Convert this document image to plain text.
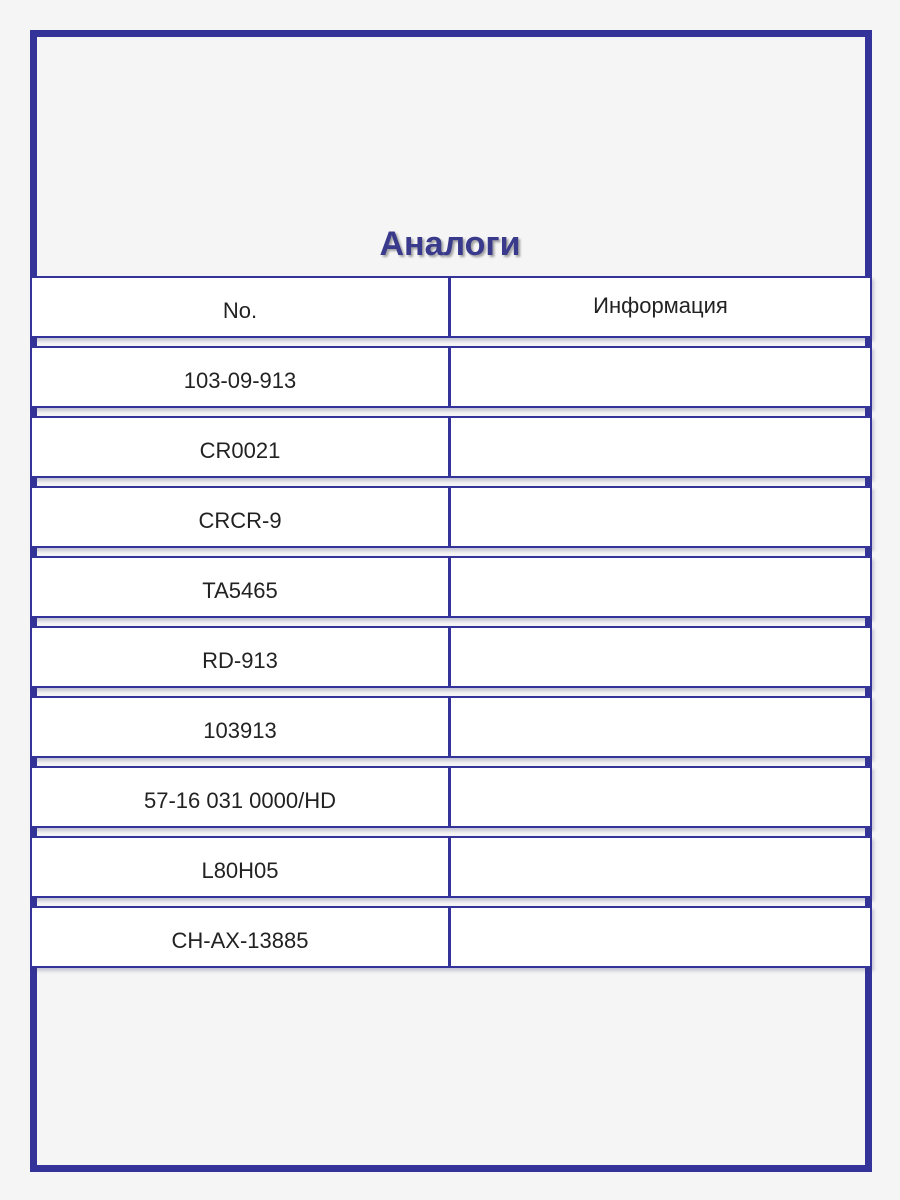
Аналоги
No.	Информация
103-09-913
CR0021
CRCR-9
TA5465
RD-913
103913
57-16 031 0000/HD
L80H05
CH-AX-13885
